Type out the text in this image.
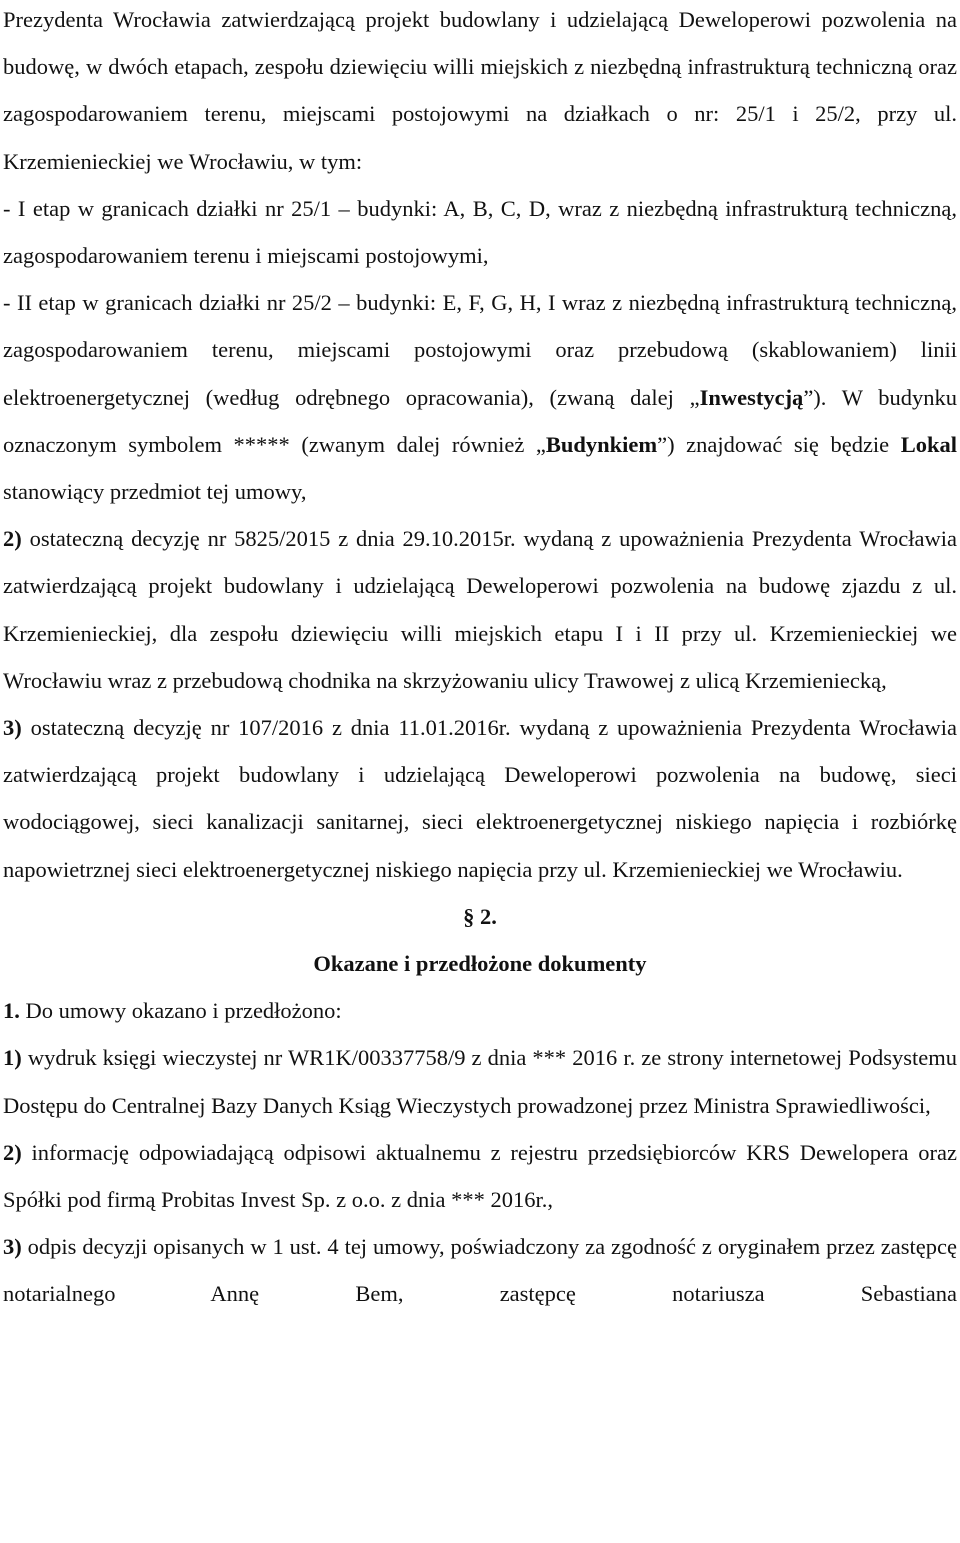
Prezydenta Wrocławia zatwierdzającą projekt budowlany i udzielającą Deweloperowi pozwolenia na budowę, w dwóch etapach, zespołu dziewięciu willi miejskich z niezbędną infrastrukturą techniczną oraz zagospodarowaniem terenu, miejscami postojowymi na działkach o nr: 25/1 i 25/2, przy ul. Krzemienieckiej we Wrocławiu, w tym:

- I etap w granicach działki nr 25/1 – budynki: A, B, C, D, wraz z niezbędną infrastrukturą techniczną, zagospodarowaniem terenu i miejscami postojowymi,

- II etap w granicach działki nr 25/2 – budynki: E, F, G, H, I wraz z niezbędną infrastrukturą techniczną, zagospodarowaniem terenu, miejscami postojowymi oraz przebudową (skablowaniem) linii elektroenergetycznej (według odrębnego opracowania), (zwaną dalej „Inwestycją”). W budynku oznaczonym symbolem ***** (zwanym dalej również „Budynkiem”) znajdować się będzie Lokal stanowiący przedmiot tej umowy,

2) ostateczną decyzję nr 5825/2015 z dnia 29.10.2015r. wydaną z upoważnienia Prezydenta Wrocławia zatwierdzającą projekt budowlany i udzielającą Deweloperowi pozwolenia na budowę zjazdu z ul. Krzemienieckiej, dla zespołu dziewięciu willi miejskich etapu I i II przy ul. Krzemienieckiej we Wrocławiu wraz z przebudową chodnika na skrzyżowaniu ulicy Trawowej z ulicą Krzemieniecką,

3) ostateczną decyzję nr 107/2016 z dnia 11.01.2016r. wydaną z upoważnienia Prezydenta Wrocławia zatwierdzającą projekt budowlany i udzielającą Deweloperowi pozwolenia na budowę, sieci wodociągowej, sieci kanalizacji sanitarnej, sieci elektroenergetycznej niskiego napięcia i rozbiórkę napowietrznej sieci elektroenergetycznej niskiego napięcia przy ul. Krzemienieckiej we Wrocławiu.

§ 2.

Okazane i przedłożone dokumenty

1. Do umowy okazano i przedłożono:

1) wydruk księgi wieczystej nr WR1K/00337758/9 z dnia *** 2016 r. ze strony internetowej Podsystemu Dostępu do Centralnej Bazy Danych Ksiąg Wieczystych prowadzonej przez Ministra Sprawiedliwości,

2) informację odpowiadającą odpisowi aktualnemu z rejestru przedsiębiorców KRS Dewelopera oraz Spółki pod firmą Probitas Invest Sp. z o.o. z dnia *** 2016r.,

3) odpis decyzji opisanych w 1 ust. 4 tej umowy, poświadczony za zgodność z oryginałem przez zastępcę notarialnego Annę Bem, zastępcę notariusza Sebastiana
